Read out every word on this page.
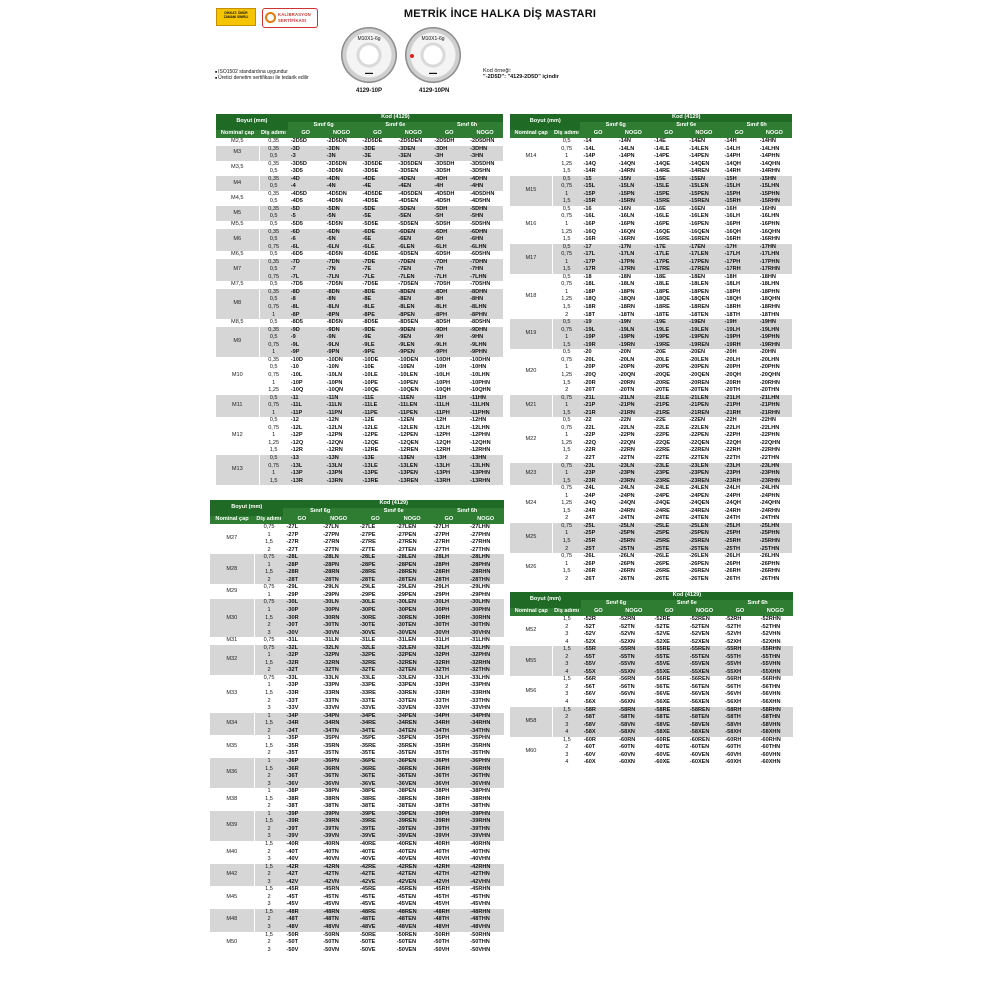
METRİK İNCE HALKA DİŞ MASTARI
DİKKAT: ÖMÜR
ZAMANI SINIRLI
KALİBRASYON
SERTİFİKASI
M10X1-6g
▬▬
4129-10P
M10X1-6g
▬▬
4129-10PN
■ ISO1502 standardına uygundur
■ Üretici denetim sertifikası ile tedarik edilir
Kod örneği:
"-2D5D": "4129-2D5D" içindir
Boyut (mm)		Kod (4129)					
		Sınıf 6g		Sınıf 6e		Sınıf 6h	
Nominal çap	Diş adımı	GO	NOGO	GO	NOGO	GO	NOGO
M2,5	0,35	-2D5D	-2D5DN	-2D5DE	-2D5DEN	-2D5DH	-2D5DHN
M3	0,35	-3D	-3DN	-3DE	-3DEN	-3DH	-3DHN
	0,5	-3	-3N	-3E	-3EN	-3H	-3HN
M3,5	0,35	-3D5D	-3D5DN	-3D5DE	-3D5DEN	-3D5DH	-3D5DHN
	0,5	-3D5	-3D5N	-3D5E	-3D5EN	-3D5H	-3D5HN
M4	0,35	-4D	-4DN	-4DE	-4DEN	-4DH	-4DHN
	0,5	-4	-4N	-4E	-4EN	-4H	-4HN
M4,5	0,35	-4D5D	-4D5DN	-4D5DE	-4D5DEN	-4D5DH	-4D5DHN
	0,5	-4D5	-4D5N	-4D5E	-4D5EN	-4D5H	-4D5HN
M5	0,35	-5D	-5DN	-5DE	-5DEN	-5DH	-5DHN
	0,5	-5	-5N	-5E	-5EN	-5H	-5HN
M5,5	0,5	-5D5	-5D5N	-5D5E	-5D5EN	-5D5H	-5D5HN
M6	0,35	-6D	-6DN	-6DE	-6DEN	-6DH	-6DHN
	0,5	-6	-6N	-6E	-6EN	-6H	-6HN
	0,75	-6L	-6LN	-6LE	-6LEN	-6LH	-6LHN
M6,5	0,5	-6D5	-6D5N	-6D5E	-6D5EN	-6D5H	-6D5HN
M7	0,35	-7D	-7DN	-7DE	-7DEN	-7DH	-7DHN
	0,5	-7	-7N	-7E	-7EN	-7H	-7HN
	0,75	-7L	-7LN	-7LE	-7LEN	-7LH	-7LHN
M7,5	0,5	-7D5	-7D5N	-7D5E	-7D5EN	-7D5H	-7D5HN
M8	0,35	-8D	-8DN	-8DE	-8DEN	-8DH	-8DHN
	0,5	-8	-8N	-8E	-8EN	-8H	-8HN
	0,75	-8L	-8LN	-8LE	-8LEN	-8LH	-8LHN
	1	-8P	-8PN	-8PE	-8PEN	-8PH	-8PHN
M8,5	0,5	-8D5	-8D5N	-8D5E	-8D5EN	-8D5H	-8D5HN
M9	0,35	-9D	-9DN	-9DE	-9DEN	-9DH	-9DHN
	0,5	-9	-9N	-9E	-9EN	-9H	-9HN
	0,75	-9L	-9LN	-9LE	-9LEN	-9LH	-9LHN
	1	-9P	-9PN	-9PE	-9PEN	-9PH	-9PHN
M10	0,35	-10D	-10DN	-10DE	-10DEN	-10DH	-10DHN
	0,5	-10	-10N	-10E	-10EN	-10H	-10HN
	0,75	-10L	-10LN	-10LE	-10LEN	-10LH	-10LHN
	1	-10P	-10PN	-10PE	-10PEN	-10PH	-10PHN
	1,25	-10Q	-10QN	-10QE	-10QEN	-10QH	-10QHN
M11	0,5	-11	-11N	-11E	-11EN	-11H	-11HN
	0,75	-11L	-11LN	-11LE	-11LEN	-11LH	-11LHN
	1	-11P	-11PN	-11PE	-11PEN	-11PH	-11PHN
M12	0,5	-12	-12N	-12E	-12EN	-12H	-12HN
	0,75	-12L	-12LN	-12LE	-12LEN	-12LH	-12LHN
	1	-12P	-12PN	-12PE	-12PEN	-12PH	-12PHN
	1,25	-12Q	-12QN	-12QE	-12QEN	-12QH	-12QHN
	1,5	-12R	-12RN	-12RE	-12REN	-12RH	-12RHN
M13	0,5	-13	-13N	-13E	-13EN	-13H	-13HN
	0,75	-13L	-13LN	-13LE	-13LEN	-13LH	-13LHN
	1	-13P	-13PN	-13PE	-13PEN	-13PH	-13PHN
	1,5	-13R	-13RN	-13RE	-13REN	-13RH	-13RHN
Boyut (mm)		Kod (4129)					
		Sınıf 6g		Sınıf 6e		Sınıf 6h	
Nominal çap	Diş adımı	GO	NOGO	GO	NOGO	GO	NOGO
M14	0,5	-14	-14N	-14E	-14EN	-14H	-14HN
	0,75	-14L	-14LN	-14LE	-14LEN	-14LH	-14LHN
	1	-14P	-14PN	-14PE	-14PEN	-14PH	-14PHN
	1,25	-14Q	-14QN	-14QE	-14QEN	-14QH	-14QHN
	1,5	-14R	-14RN	-14RE	-14REN	-14RH	-14RHN
M15	0,5	-15	-15N	-15E	-15EN	-15H	-15HN
	0,75	-15L	-15LN	-15LE	-15LEN	-15LH	-15LHN
	1	-15P	-15PN	-15PE	-15PEN	-15PH	-15PHN
	1,5	-15R	-15RN	-15RE	-15REN	-15RH	-15RHN
M16	0,5	-16	-16N	-16E	-16EN	-16H	-16HN
	0,75	-16L	-16LN	-16LE	-16LEN	-16LH	-16LHN
	1	-16P	-16PN	-16PE	-16PEN	-16PH	-16PHN
	1,25	-16Q	-16QN	-16QE	-16QEN	-16QH	-16QHN
	1,5	-16R	-16RN	-16RE	-16REN	-16RH	-16RHN
M17	0,5	-17	-17N	-17E	-17EN	-17H	-17HN
	0,75	-17L	-17LN	-17LE	-17LEN	-17LH	-17LHN
	1	-17P	-17PN	-17PE	-17PEN	-17PH	-17PHN
	1,5	-17R	-17RN	-17RE	-17REN	-17RH	-17RHN
M18	0,5	-18	-18N	-18E	-18EN	-18H	-18HN
	0,75	-18L	-18LN	-18LE	-18LEN	-18LH	-18LHN
	1	-18P	-18PN	-18PE	-18PEN	-18PH	-18PHN
	1,25	-18Q	-18QN	-18QE	-18QEN	-18QH	-18QHN
	1,5	-18R	-18RN	-18RE	-18REN	-18RH	-18RHN
	2	-18T	-18TN	-18TE	-18TEN	-18TH	-18THN
M19	0,5	-19	-19N	-19E	-19EN	-19H	-19HN
	0,75	-19L	-19LN	-19LE	-19LEN	-19LH	-19LHN
	1	-19P	-19PN	-19PE	-19PEN	-19PH	-19PHN
	1,5	-19R	-19RN	-19RE	-19REN	-19RH	-19RHN
M20	0,5	-20	-20N	-20E	-20EN	-20H	-20HN
	0,75	-20L	-20LN	-20LE	-20LEN	-20LH	-20LHN
	1	-20P	-20PN	-20PE	-20PEN	-20PH	-20PHN
	1,25	-20Q	-20QN	-20QE	-20QEN	-20QH	-20QHN
	1,5	-20R	-20RN	-20RE	-20REN	-20RH	-20RHN
	2	-20T	-20TN	-20TE	-20TEN	-20TH	-20THN
M21	0,75	-21L	-21LN	-21LE	-21LEN	-21LH	-21LHN
	1	-21P	-21PN	-21PE	-21PEN	-21PH	-21PHN
	1,5	-21R	-21RN	-21RE	-21REN	-21RH	-21RHN
M22	0,5	-22	-22N	-22E	-22EN	-22H	-22HN
	0,75	-22L	-22LN	-22LE	-22LEN	-22LH	-22LHN
	1	-22P	-22PN	-22PE	-22PEN	-22PH	-22PHN
	1,25	-22Q	-22QN	-22QE	-22QEN	-22QH	-22QHN
	1,5	-22R	-22RN	-22RE	-22REN	-22RH	-22RHN
	2	-22T	-22TN	-22TE	-22TEN	-22TH	-22THN
M23	0,75	-23L	-23LN	-23LE	-23LEN	-23LH	-23LHN
	1	-23P	-23PN	-23PE	-23PEN	-23PH	-23PHN
	1,5	-23R	-23RN	-23RE	-23REN	-23RH	-23RHN
M24	0,75	-24L	-24LN	-24LE	-24LEN	-24LH	-24LHN
	1	-24P	-24PN	-24PE	-24PEN	-24PH	-24PHN
	1,25	-24Q	-24QN	-24QE	-24QEN	-24QH	-24QHN
	1,5	-24R	-24RN	-24RE	-24REN	-24RH	-24RHN
	2	-24T	-24TN	-24TE	-24TEN	-24TH	-24THN
M25	0,75	-25L	-25LN	-25LE	-25LEN	-25LH	-25LHN
	1	-25P	-25PN	-25PE	-25PEN	-25PH	-25PHN
	1,5	-25R	-25RN	-25RE	-25REN	-25RH	-25RHN
	2	-25T	-25TN	-25TE	-25TEN	-25TH	-25THN
M26	0,75	-26L	-26LN	-26LE	-26LEN	-26LH	-26LHN
	1	-26P	-26PN	-26PE	-26PEN	-26PH	-26PHN
	1,5	-26R	-26RN	-26RE	-26REN	-26RH	-26RHN
	2	-26T	-26TN	-26TE	-26TEN	-26TH	-26THN
Boyut (mm)		Kod (4129)					
		Sınıf 6g		Sınıf 6e		Sınıf 6h	
Nominal çap	Diş adımı	GO	NOGO	GO	NOGO	GO	NOGO
M27	0,75	-27L	-27LN	-27LE	-27LEN	-27LH	-27LHN
	1	-27P	-27PN	-27PE	-27PEN	-27PH	-27PHN
	1,5	-27R	-27RN	-27RE	-27REN	-27RH	-27RHN
	2	-27T	-27TN	-27TE	-27TEN	-27TH	-27THN
M28	0,75	-28L	-28LN	-28LE	-28LEN	-28LH	-28LHN
	1	-28P	-28PN	-28PE	-28PEN	-28PH	-28PHN
	1,5	-28R	-28RN	-28RE	-28REN	-28RH	-28RHN
	2	-28T	-28TN	-28TE	-28TEN	-28TH	-28THN
M29	0,75	-29L	-29LN	-29LE	-29LEN	-29LH	-29LHN
	1	-29P	-29PN	-29PE	-29PEN	-29PH	-29PHN
M30	0,75	-30L	-30LN	-30LE	-30LEN	-30LH	-30LHN
	1	-30P	-30PN	-30PE	-30PEN	-30PH	-30PHN
	1,5	-30R	-30RN	-30RE	-30REN	-30RH	-30RHN
	2	-30T	-30TN	-30TE	-30TEN	-30TH	-30THN
	3	-30V	-30VN	-30VE	-30VEN	-30VH	-30VHN
M31	0,75	-31L	-31LN	-31LE	-31LEN	-31LH	-31LHN
M32	0,75	-32L	-32LN	-32LE	-32LEN	-32LH	-32LHN
	1	-32P	-32PN	-32PE	-32PEN	-32PH	-32PHN
	1,5	-32R	-32RN	-32RE	-32REN	-32RH	-32RHN
	2	-32T	-32TN	-32TE	-32TEN	-32TH	-32THN
M33	0,75	-33L	-33LN	-33LE	-33LEN	-33LH	-33LHN
	1	-33P	-33PN	-33PE	-33PEN	-33PH	-33PHN
	1,5	-33R	-33RN	-33RE	-33REN	-33RH	-33RHN
	2	-33T	-33TN	-33TE	-33TEN	-33TH	-33THN
	3	-33V	-33VN	-33VE	-33VEN	-33VH	-33VHN
M34	1	-34P	-34PN	-34PE	-34PEN	-34PH	-34PHN
	1,5	-34R	-34RN	-34RE	-34REN	-34RH	-34RHN
	2	-34T	-34TN	-34TE	-34TEN	-34TH	-34THN
M35	1	-35P	-35PN	-35PE	-35PEN	-35PH	-35PHN
	1,5	-35R	-35RN	-35RE	-35REN	-35RH	-35RHN
	2	-35T	-35TN	-35TE	-35TEN	-35TH	-35THN
M36	1	-36P	-36PN	-36PE	-36PEN	-36PH	-36PHN
	1,5	-36R	-36RN	-36RE	-36REN	-36RH	-36RHN
	2	-36T	-36TN	-36TE	-36TEN	-36TH	-36THN
	3	-36V	-36VN	-36VE	-36VEN	-36VH	-36VHN
M38	1	-38P	-38PN	-38PE	-38PEN	-38PH	-38PHN
	1,5	-38R	-38RN	-38RE	-38REN	-38RH	-38RHN
	2	-38T	-38TN	-38TE	-38TEN	-38TH	-38THN
M39	1	-39P	-39PN	-39PE	-39PEN	-39PH	-39PHN
	1,5	-39R	-39RN	-39RE	-39REN	-39RH	-39RHN
	2	-39T	-39TN	-39TE	-39TEN	-39TH	-39THN
	3	-39V	-39VN	-39VE	-39VEN	-39VH	-39VHN
M40	1,5	-40R	-40RN	-40RE	-40REN	-40RH	-40RHN
	2	-40T	-40TN	-40TE	-40TEN	-40TH	-40THN
	3	-40V	-40VN	-40VE	-40VEN	-40VH	-40VHN
M42	1,5	-42R	-42RN	-42RE	-42REN	-42RH	-42RHN
	2	-42T	-42TN	-42TE	-42TEN	-42TH	-42THN
	3	-42V	-42VN	-42VE	-42VEN	-42VH	-42VHN
M45	1,5	-45R	-45RN	-45RE	-45REN	-45RH	-45RHN
	2	-45T	-45TN	-45TE	-45TEN	-45TH	-45THN
	3	-45V	-45VN	-45VE	-45VEN	-45VH	-45VHN
M48	1,5	-48R	-48RN	-48RE	-48REN	-48RH	-48RHN
	2	-48T	-48TN	-48TE	-48TEN	-48TH	-48THN
	3	-48V	-48VN	-48VE	-48VEN	-48VH	-48VHN
M50	1,5	-50R	-50RN	-50RE	-50REN	-50RH	-50RHN
	2	-50T	-50TN	-50TE	-50TEN	-50TH	-50THN
	3	-50V	-50VN	-50VE	-50VEN	-50VH	-50VHN
Boyut (mm)		Kod (4129)					
		Sınıf 6g		Sınıf 6e		Sınıf 6h	
Nominal çap	Diş adımı	GO	NOGO	GO	NOGO	GO	NOGO
M52	1,5	-52R	-52RN	-52RE	-52REN	-52RH	-52RHN
	2	-52T	-52TN	-52TE	-52TEN	-52TH	-52THN
	3	-52V	-52VN	-52VE	-52VEN	-52VH	-52VHN
	4	-52X	-52XN	-52XE	-52XEN	-52XH	-52XHN
M55	1,5	-55R	-55RN	-55RE	-55REN	-55RH	-55RHN
	2	-55T	-55TN	-55TE	-55TEN	-55TH	-55THN
	3	-55V	-55VN	-55VE	-55VEN	-55VH	-55VHN
	4	-55X	-55XN	-55XE	-55XEN	-55XH	-55XHN
M56	1,5	-56R	-56RN	-56RE	-56REN	-56RH	-56RHN
	2	-56T	-56TN	-56TE	-56TEN	-56TH	-56THN
	3	-56V	-56VN	-56VE	-56VEN	-56VH	-56VHN
	4	-56X	-56XN	-56XE	-56XEN	-56XH	-56XHN
M58	1,5	-58R	-58RN	-58RE	-58REN	-58RH	-58RHN
	2	-58T	-58TN	-58TE	-58TEN	-58TH	-58THN
	3	-58V	-58VN	-58VE	-58VEN	-58VH	-58VHN
	4	-58X	-58XN	-58XE	-58XEN	-58XH	-58XHN
M60	1,5	-60R	-60RN	-60RE	-60REN	-60RH	-60RHN
	2	-60T	-60TN	-60TE	-60TEN	-60TH	-60THN
	3	-60V	-60VN	-60VE	-60VEN	-60VH	-60VHN
	4	-60X	-60XN	-60XE	-60XEN	-60XH	-60XHN
